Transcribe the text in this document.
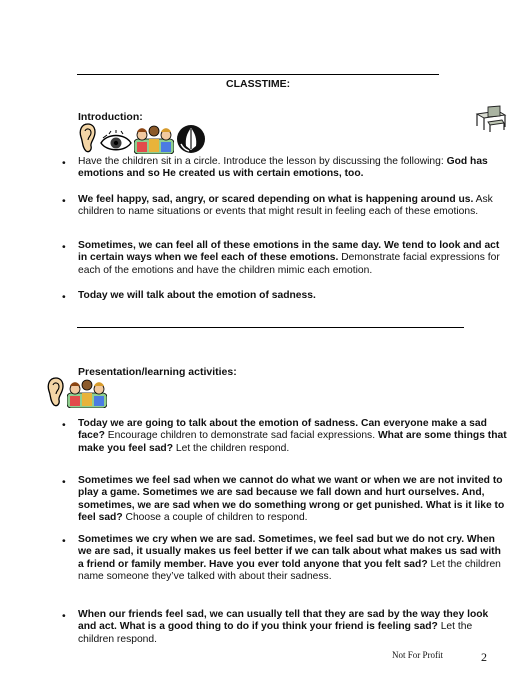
CLASSTIME:
Introduction:
• Have the children sit in a circle. Introduce the lesson by discussing the following: God has emotions and so He created us with certain emotions, too.
• We feel happy, sad, angry, or scared depending on what is happening around us. Ask children to name situations or events that might result in feeling each of these emotions.
• Sometimes, we can feel all of these emotions in the same day. We tend to look and act in certain ways when we feel each of these emotions. Demonstrate facial expressions for each of the emotions and have the children mimic each emotion.
• Today we will talk about the emotion of sadness.
Presentation/learning activities:
• Today we are going to talk about the emotion of sadness. Can everyone make a sad face? Encourage children to demonstrate sad facial expressions. What are some things that make you feel sad? Let the children respond.
• Sometimes we feel sad when we cannot do what we want or when we are not invited to play a game. Sometimes we are sad because we fall down and hurt ourselves. And, sometimes, we are sad when we do something wrong or get punished. What is it like to feel sad? Choose a couple of children to respond.
• Sometimes we cry when we are sad. Sometimes, we feel sad but we do not cry. When we are sad, it usually makes us feel better if we can talk about what makes us sad with a friend or family member. Have you ever told anyone that you felt sad? Let the children name someone they’ve talked with about their sadness.
• When our friends feel sad, we can usually tell that they are sad by the way they look and act. What is a good thing to do if you think your friend is feeling sad? Let the children respond.
Not For Profit	2
